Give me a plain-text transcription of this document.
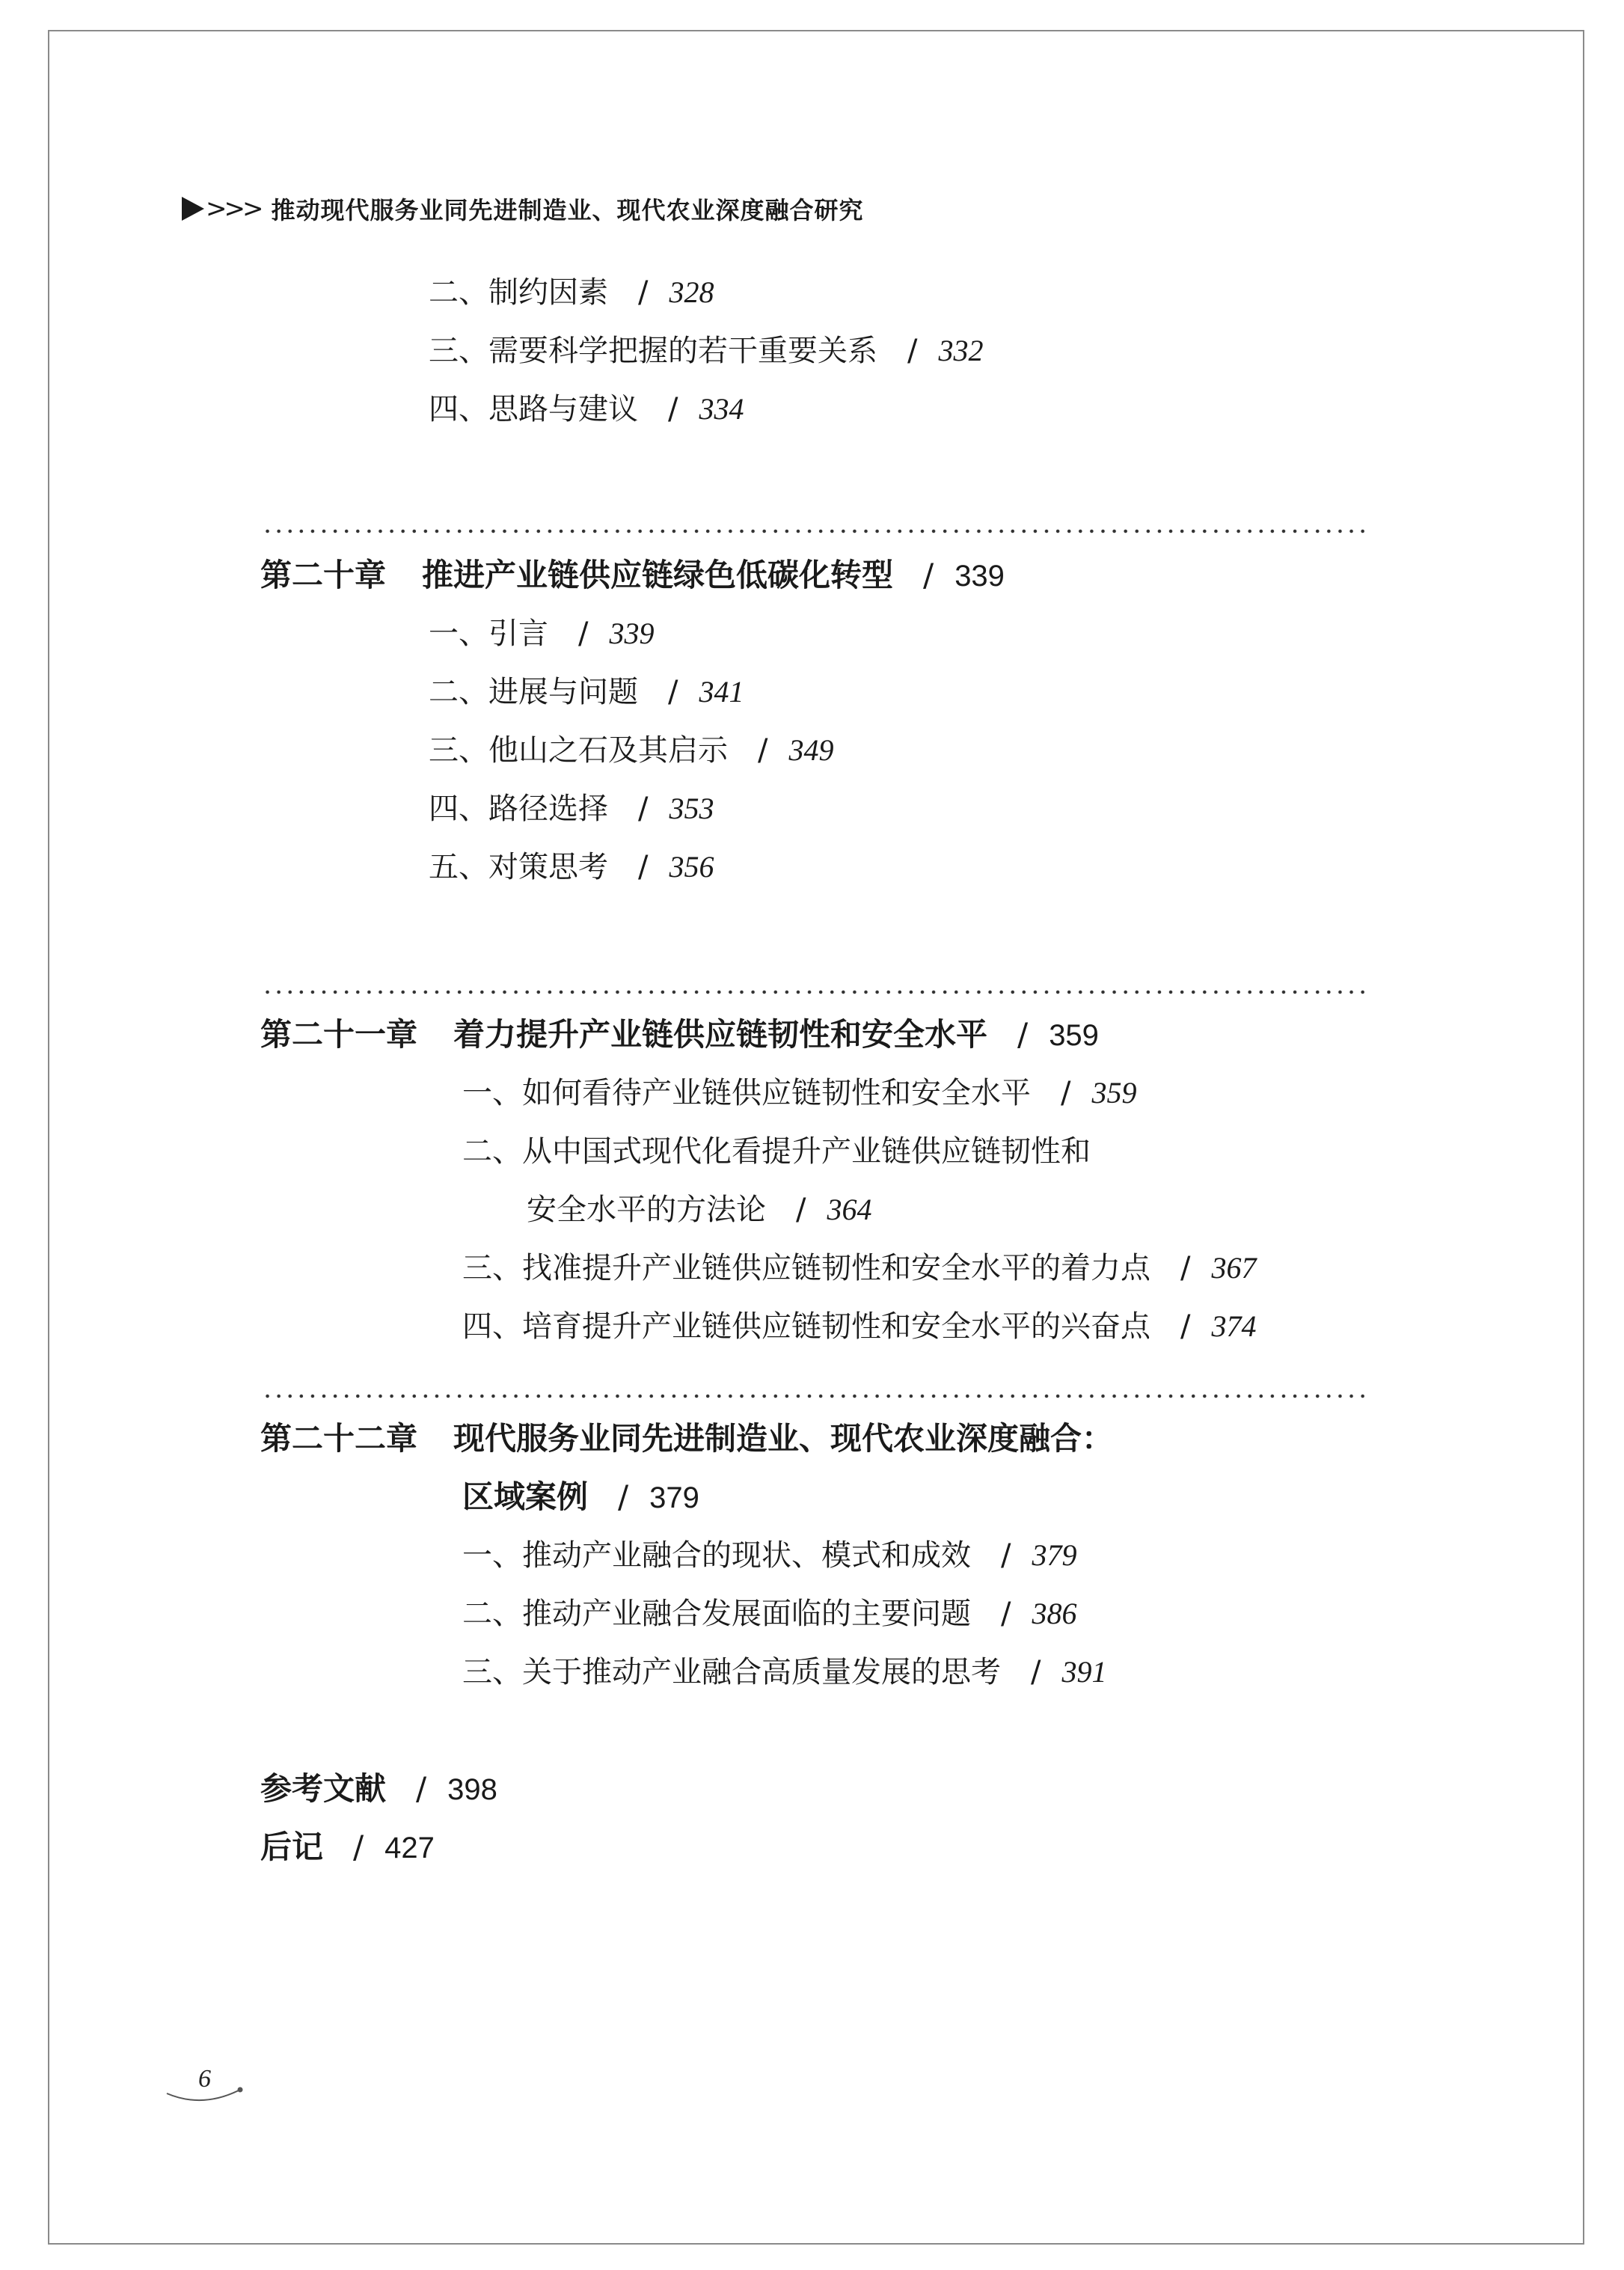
>>> 推动现代服务业同先进制造业、现代农业深度融合研究
二、制约因素 / 328
三、需要科学把握的若干重要关系 / 332
四、思路与建议 / 334
第二十章 推进产业链供应链绿色低碳化转型 / 339
一、引言 / 339
二、进展与问题 / 341
三、他山之石及其启示 / 349
四、路径选择 / 353
五、对策思考 / 356
第二十一章 着力提升产业链供应链韧性和安全水平 / 359
一、如何看待产业链供应链韧性和安全水平 / 359
二、从中国式现代化看提升产业链供应链韧性和
安全水平的方法论 / 364
三、找准提升产业链供应链韧性和安全水平的着力点 / 367
四、培育提升产业链供应链韧性和安全水平的兴奋点 / 374
第二十二章 现代服务业同先进制造业、现代农业深度融合：
区域案例 / 379
一、推动产业融合的现状、模式和成效 / 379
二、推动产业融合发展面临的主要问题 / 386
三、关于推动产业融合高质量发展的思考 / 391
参考文献 / 398
后记 / 427
6
